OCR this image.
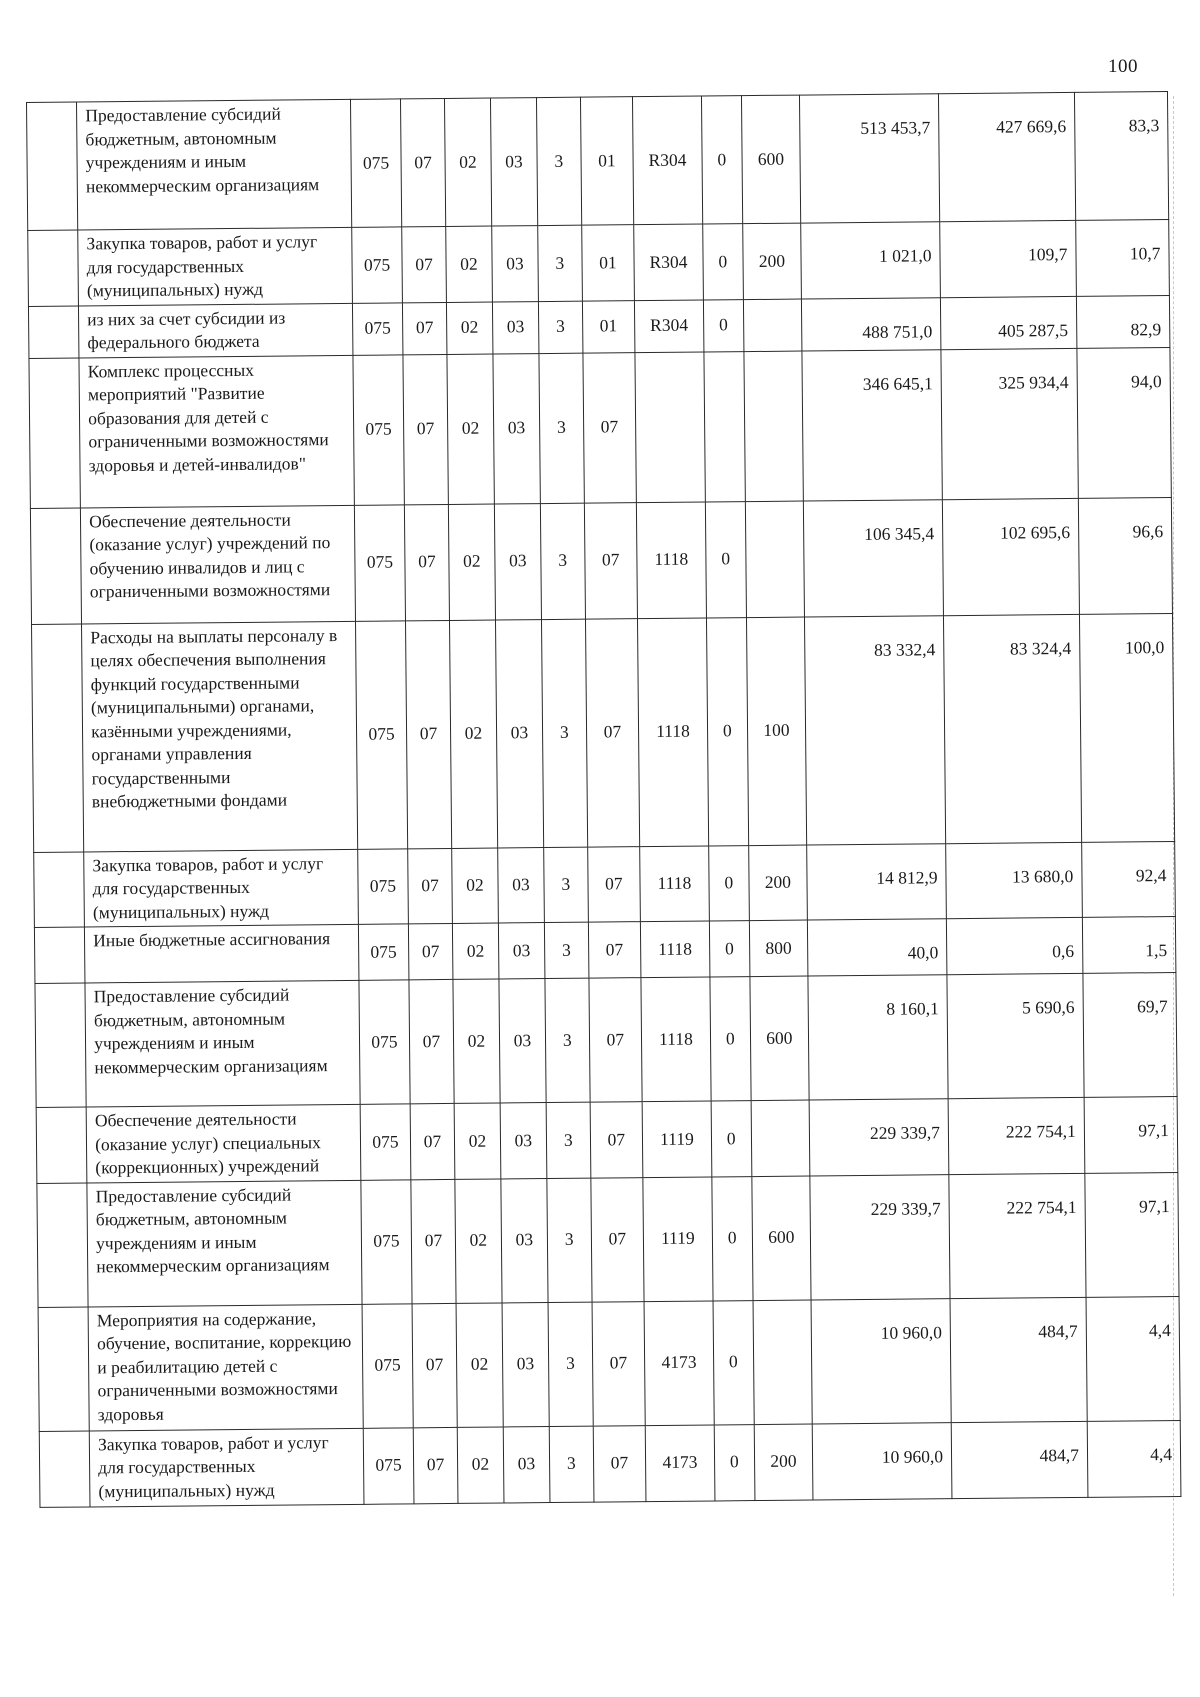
100
	Предоставление субсидий бюджетным, автономным учреждениям и иным некоммерческим организациям	075	07	02	03	3	01	R304	0	600	513 453,7	427 669,6	83,3
	Закупка товаров, работ и услуг для государственных (муниципальных) нужд	075	07	02	03	3	01	R304	0	200	1 021,0	109,7	10,7
	из них за счет субсидии из федерального бюджета	075	07	02	03	3	01	R304	0		488 751,0	405 287,5	82,9
	Комплекс процессных мероприятий "Развитие образования для детей с ограниченными возможностями здоровья и детей-инвалидов"	075	07	02	03	3	07				346 645,1	325 934,4	94,0
	Обеспечение деятельности (оказание услуг) учреждений по обучению инвалидов и лиц с ограниченными возможностями	075	07	02	03	3	07	1118	0		106 345,4	102 695,6	96,6
	Расходы на выплаты персоналу в целях обеспечения выполнения функций государственными (муниципальными) органами, казёнными учреждениями, органами управления государственными внебюджетными фондами	075	07	02	03	3	07	1118	0	100	83 332,4	83 324,4	100,0
	Закупка товаров, работ и услуг для государственных (муниципальных) нужд	075	07	02	03	3	07	1118	0	200	14 812,9	13 680,0	92,4
	Иные бюджетные ассигнования	075	07	02	03	3	07	1118	0	800	40,0	0,6	1,5
	Предоставление субсидий бюджетным, автономным учреждениям и иным некоммерческим организациям	075	07	02	03	3	07	1118	0	600	8 160,1	5 690,6	69,7
	Обеспечение деятельности (оказание услуг) специальных (коррекционных) учреждений	075	07	02	03	3	07	1119	0		229 339,7	222 754,1	97,1
	Предоставление субсидий бюджетным, автономным учреждениям и иным некоммерческим организациям	075	07	02	03	3	07	1119	0	600	229 339,7	222 754,1	97,1
	Мероприятия на содержание, обучение, воспитание, коррекцию и реабилитацию детей с ограниченными возможностями здоровья	075	07	02	03	3	07	4173	0		10 960,0	484,7	4,4
	Закупка товаров, работ и услуг для государственных (муниципальных) нужд	075	07	02	03	3	07	4173	0	200	10 960,0	484,7	4,4
